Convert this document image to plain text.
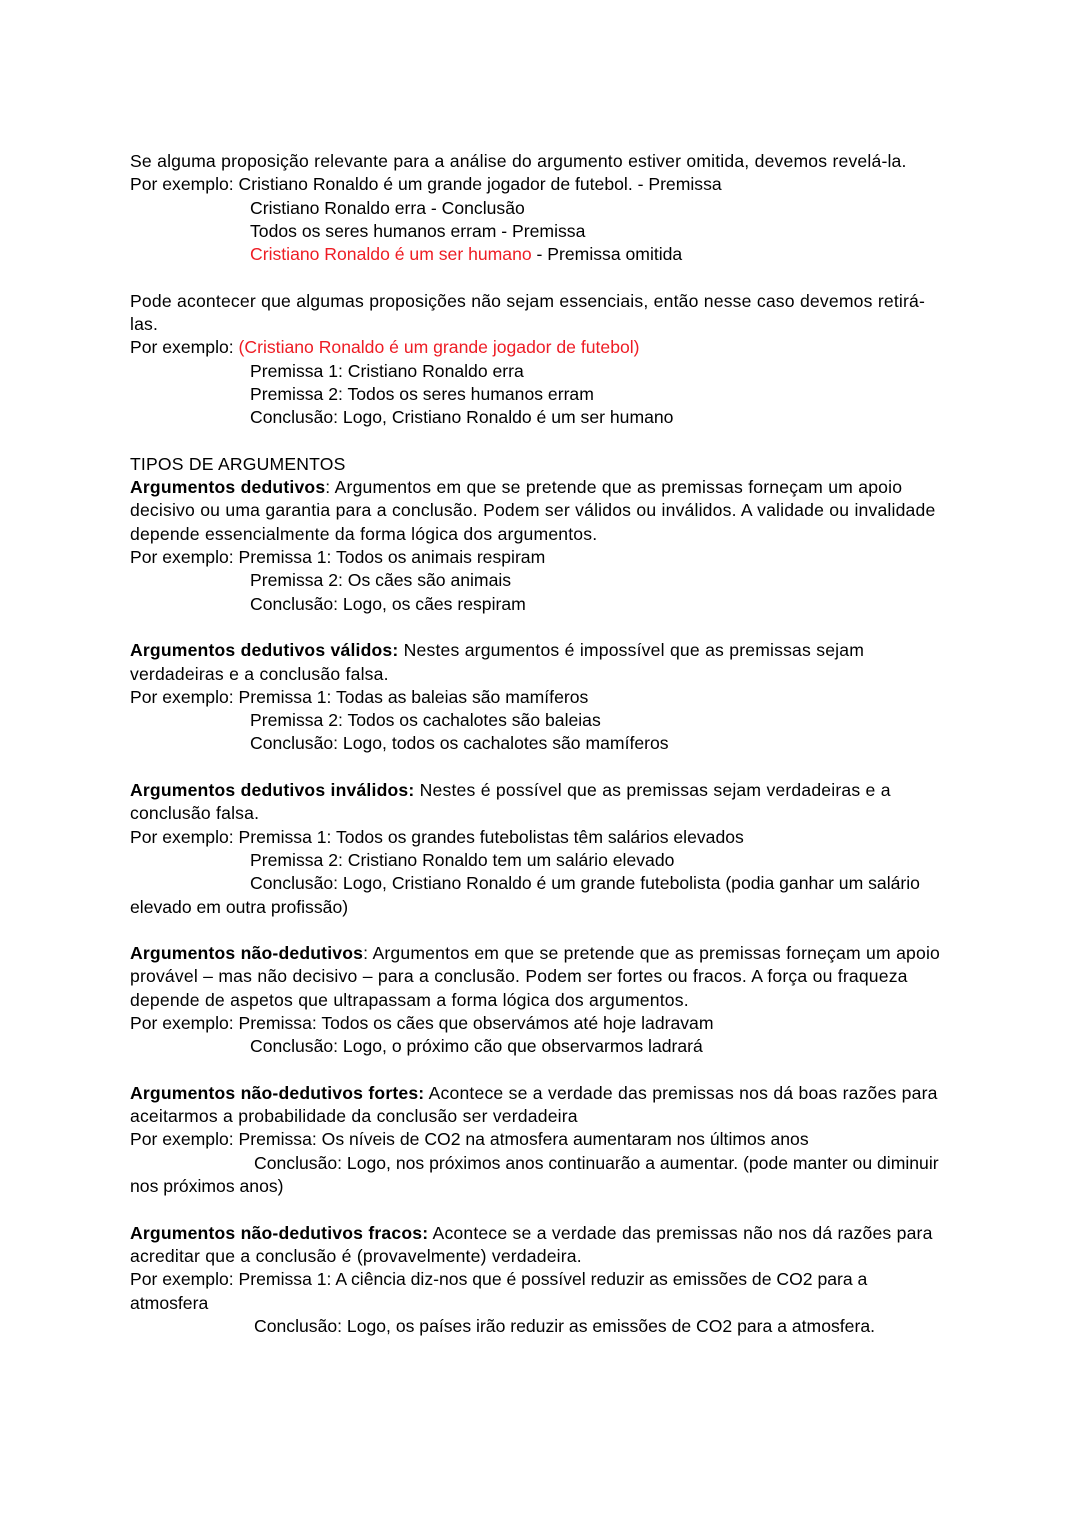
Se alguma proposição relevante para a análise do argumento estiver omitida, devemos revelá-la.

Por exemplo: Cristiano Ronaldo é um grande jogador de futebol. - Premissa
Cristiano Ronaldo erra - Conclusão
Todos os seres humanos erram - Premissa
Cristiano Ronaldo é um ser humano - Premissa omitida

Pode acontecer que algumas proposições não sejam essenciais, então nesse caso devemos retirá-las.

Por exemplo: (Cristiano Ronaldo é um grande jogador de futebol)
Premissa 1: Cristiano Ronaldo erra
Premissa 2: Todos os seres humanos erram
Conclusão: Logo, Cristiano Ronaldo é um ser humano

TIPOS DE ARGUMENTOS

Argumentos dedutivos: Argumentos em que se pretende que as premissas forneçam um apoio decisivo ou uma garantia para a conclusão. Podem ser válidos ou inválidos. A validade ou invalidade depende essencialmente da forma lógica dos argumentos.

Por exemplo: Premissa 1: Todos os animais respiram
Premissa 2: Os cães são animais
Conclusão: Logo, os cães respiram

Argumentos dedutivos válidos: Nestes argumentos é impossível que as premissas sejam verdadeiras e a conclusão falsa.

Por exemplo: Premissa 1: Todas as baleias são mamíferos
Premissa 2: Todos os cachalotes são baleias
Conclusão: Logo, todos os cachalotes são mamíferos

Argumentos dedutivos inválidos: Nestes é possível que as premissas sejam verdadeiras e a conclusão falsa.

Por exemplo: Premissa 1: Todos os grandes futebolistas têm salários elevados
Premissa 2: Cristiano Ronaldo tem um salário elevado
Conclusão: Logo, Cristiano Ronaldo é um grande futebolista (podia ganhar um salário elevado em outra profissão)

Argumentos não-dedutivos: Argumentos em que se pretende que as premissas forneçam um apoio provável – mas não decisivo – para a conclusão. Podem ser fortes ou fracos. A força ou fraqueza depende de aspetos que ultrapassam a forma lógica dos argumentos.

Por exemplo: Premissa: Todos os cães que observámos até hoje ladravam
Conclusão: Logo, o próximo cão que observarmos ladrará

Argumentos não-dedutivos fortes: Acontece se a verdade das premissas nos dá boas razões para aceitarmos a probabilidade da conclusão ser verdadeira

Por exemplo: Premissa: Os níveis de CO2 na atmosfera aumentaram nos últimos anos
Conclusão: Logo, nos próximos anos continuarão a aumentar. (pode manter ou diminuir nos próximos anos)

Argumentos não-dedutivos fracos: Acontece se a verdade das premissas não nos dá razões para acreditar que a conclusão é (provavelmente) verdadeira.

Por exemplo: Premissa 1: A ciência diz-nos que é possível reduzir as emissões de CO2 para a atmosfera
Conclusão: Logo, os países irão reduzir as emissões de CO2 para a atmosfera.
